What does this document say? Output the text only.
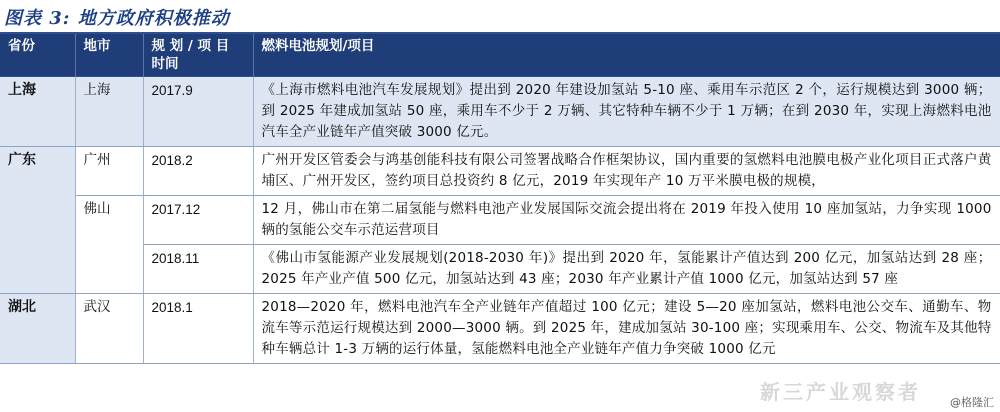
图表 3: 地方政府积极推动
省份	地市	规 划 / 项 目 时间	燃料电池规划/项目
上海	上海	2017.9	《上海市燃料电池汽车发展规划》提出到 2020 年建设加氢站 5-10 座、乘用车示范区 2 个，运行规模达到 3000 辆；到 2025 年建成加氢站 50 座，乘用车不少于 2 万辆、其它特种车辆不少于 1 万辆；在到 2030 年，实现上海燃料电池汽车全产业链年产值突破 3000 亿元。
广东	广州	2018.2	广州开发区管委会与鸿基创能科技有限公司签署战略合作框架协议，国内重要的氢燃料电池膜电极产业化项目正式落户黄埔区、广州开发区，签约项目总投资约 8 亿元，2019 年实现年产 10 万平米膜电极的规模，
	佛山	2017.12	12 月，佛山市在第二届氢能与燃料电池产业发展国际交流会提出将在 2019 年投入使用 10 座加氢站，力争实现 1000 辆的氢能公交车示范运营项目
		2018.11	《佛山市氢能源产业发展规划(2018-2030 年)》提出到 2020 年，氢能累计产值达到 200 亿元，加氢站达到 28 座；2025 年产业产值 500 亿元，加氢站达到 43 座；2030 年产业累计产值 1000 亿元，加氢站达到 57 座
湖北	武汉	2018.1	2018—2020 年，燃料电池汽车全产业链年产值超过 100 亿元；建设 5—20 座加氢站，燃料电池公交车、通勤车、物流车等示范运行规模达到 2000—3000 辆。到 2025 年，建成加氢站 30-100 座；实现乘用车、公交、物流车及其他特种车辆总计 1-3 万辆的运行体量，氢能燃料电池全产业链年产值力争突破 1000 亿元
新三产业观察者	@格隆汇
